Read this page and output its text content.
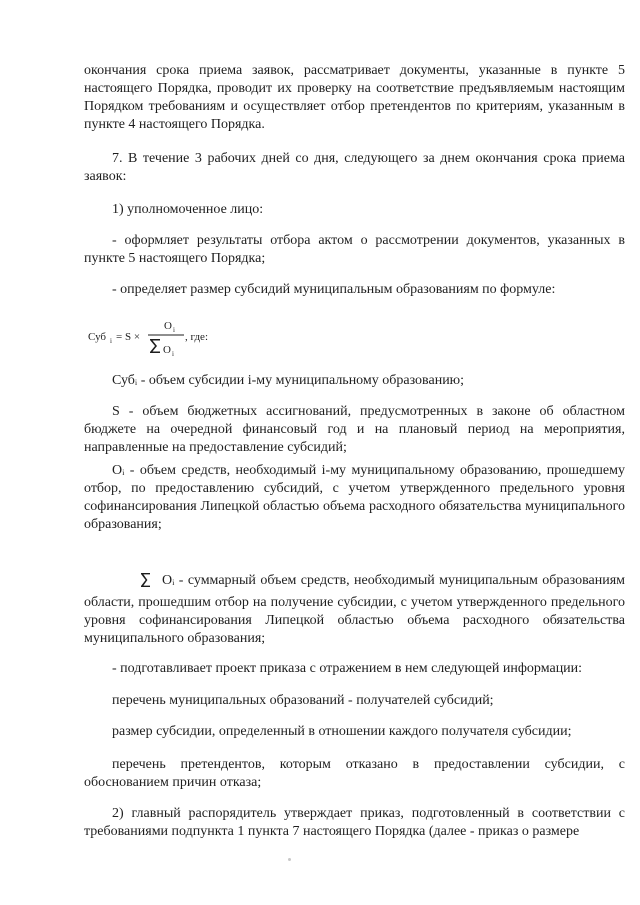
окончания срока приема заявок, рассматривает документы, указанные в пункте 5 настоящего Порядка, проводит их проверку на соответствие предъявляемым настоящим Порядком требованиям и осуществляет отбор претендентов по критериям, указанным в пункте 4 настоящего Порядка.

7. В течение 3 рабочих дней со дня, следующего за днем окончания срока приема заявок:

1) уполномоченное лицо:

- оформляет результаты отбора актом о рассмотрении документов, указанных в пункте 5 настоящего Порядка;

- определяет размер субсидий муниципальным образованиям по формуле:

Суб i = S ×
O i
O i
, где:

Субᵢ - объем субсидии i-му муниципальному образованию;

S - объем бюджетных ассигнований, предусмотренных в законе об областном бюджете на очередной финансовый год и на плановый период на мероприятия, направленные на предоставление субсидий;

Oᵢ - объем средств, необходимый i-му муниципальному образованию, прошедшему отбор, по предоставлению субсидий, с учетом утвержденного предельного уровня софинансирования Липецкой областью объема расходного обязательства муниципального образования;

Oᵢ - суммарный объем средств, необходимый муниципальным образованиям области, прошедшим отбор на получение субсидии, с учетом утвержденного предельного уровня софинансирования Липецкой областью объема расходного обязательства муниципального образования;

- подготавливает проект приказа с отражением в нем следующей информации:

перечень муниципальных образований - получателей субсидий;

размер субсидии, определенный в отношении каждого получателя субсидии;

перечень претендентов, которым отказано в предоставлении субсидии, с обоснованием причин отказа;

2) главный распорядитель утверждает приказ, подготовленный в соответствии с требованиями подпункта 1 пункта 7 настоящего Порядка (далее - приказ о размере
